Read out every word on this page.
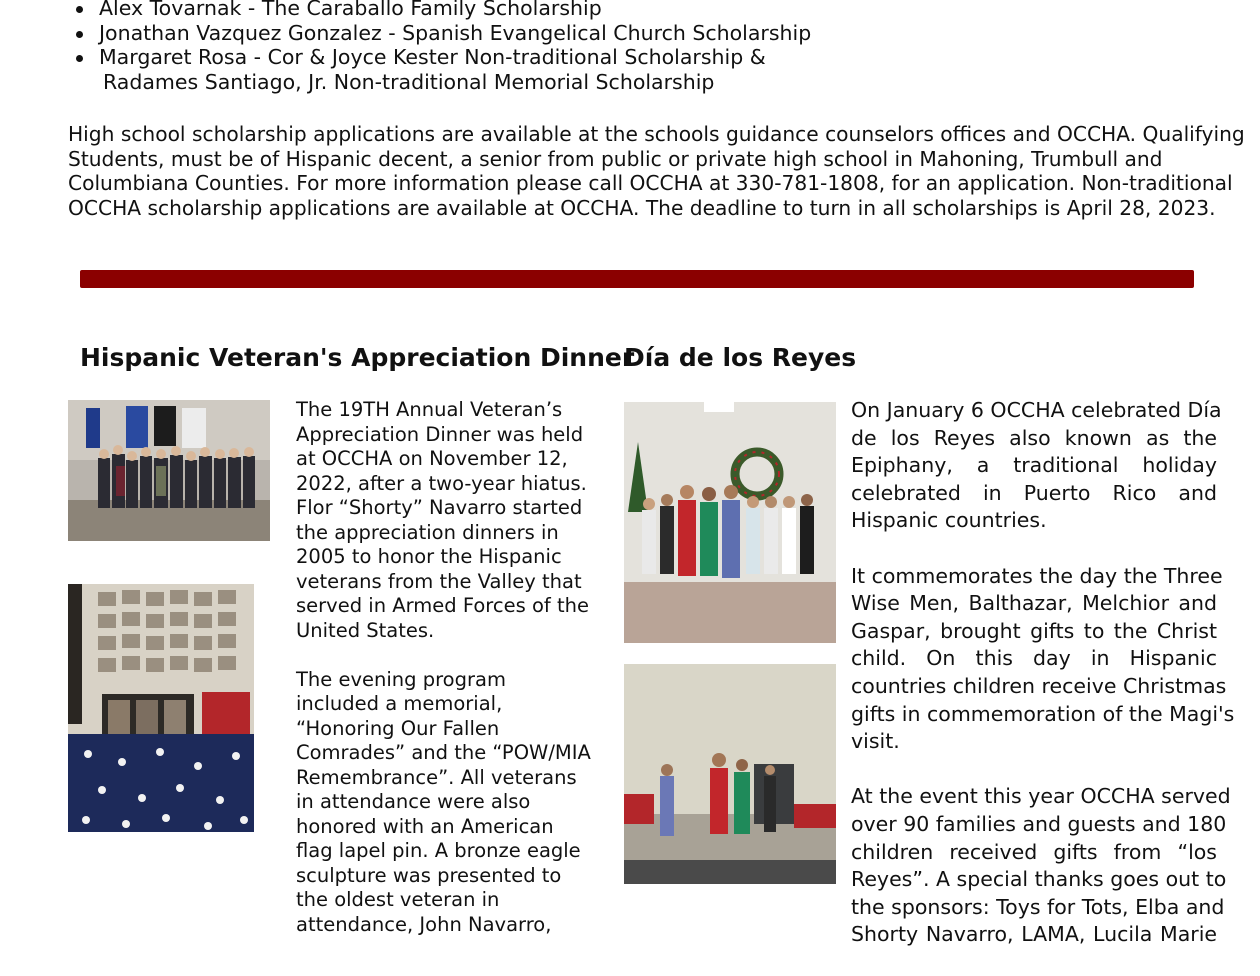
Alex Tovarnak - The Caraballo Family Scholarship
Jonathan Vazquez Gonzalez - Spanish Evangelical Church Scholarship
Margaret Rosa - Cor & Joyce Kester Non-traditional Scholarship &
Radames Santiago, Jr. Non-traditional Memorial Scholarship

High school scholarship applications are available at the schools guidance counselors offices and OCCHA. Qualifying
Students, must be of Hispanic decent, a senior from public or private high school in Mahoning, Trumbull and
Columbiana Counties. For more information please call OCCHA at 330-781-1808, for an application. Non-traditional
OCCHA scholarship applications are available at OCCHA. The deadline to turn in all scholarships is April 28, 2023.

Hispanic Veteran's Appreciation Dinner
Día de los Reyes
The 19TH Annual Veteran’s
Appreciation Dinner was held
at OCCHA on November 12,
2022, after a two-year hiatus.
Flor “Shorty” Navarro started
the appreciation dinners in
2005 to honor the Hispanic
veterans from the Valley that
served in Armed Forces of the
United States.
The evening program
included a memorial,
“Honoring Our Fallen
Comrades” and the “POW/MIA
Remembrance”. All veterans
in attendance were also
honored with an American
flag lapel pin. A bronze eagle
sculpture was presented to
the oldest veteran in
attendance, John Navarro,

On January 6 OCCHA celebrated Día
de los Reyes also known as the
Epiphany, a traditional holiday
celebrated in Puerto Rico and
Hispanic countries.

It commemorates the day the Three
Wise Men, Balthazar, Melchior and
Gaspar, brought gifts to the Christ
child. On this day in Hispanic
countries children receive Christmas
gifts in commemoration of the Magi's
visit.

At the event this year OCCHA served
over 90 families and guests and 180
children received gifts from “los
Reyes”. A special thanks goes out to
the sponsors: Toys for Tots, Elba and
Shorty Navarro, LAMA, Lucila Marie
